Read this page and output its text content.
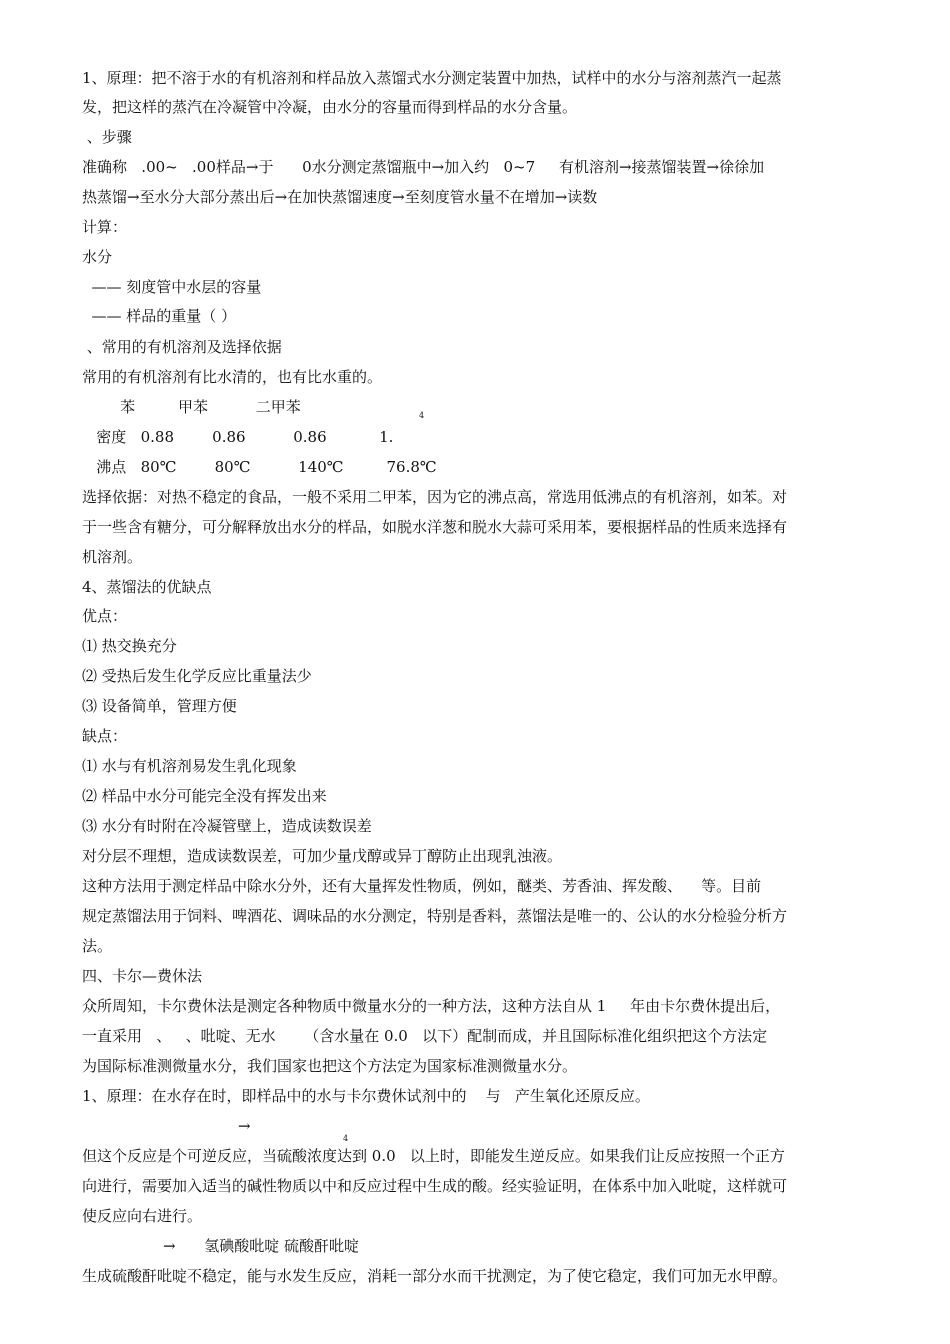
1、原理：把不溶于水的有机溶剂和样品放入蒸馏式水分测定装置中加热，试样中的水分与溶剂蒸汽一起蒸
发，把这样的蒸汽在冷凝管中冷凝，由水分的容量而得到样品的水分含量。
、步骤
准确称   .00~   .00样品→于      0水分测定蒸馏瓶中→加入约   0~7     有机溶剂→接蒸馏装置→徐徐加
热蒸馏→至水分大部分蒸出后→在加快蒸馏速度→至刻度管水量不在增加→读数
计算：
水分
—— 刻度管中水层的容量
—— 样品的重量（ ）
、常用的有机溶剂及选择依据
常用的有机溶剂有比水清的，也有比水重的。
苯         甲苯          二甲苯	4
密度   0.88        0.86          0.86           1.
沸点   80℃        80℃          140℃         76.8℃
选择依据：对热不稳定的食品，一般不采用二甲苯，因为它的沸点高，常选用低沸点的有机溶剂，如苯。对
于一些含有糖分，可分解释放出水分的样品，如脱水洋葱和脱水大蒜可采用苯，要根据样品的性质来选择有
机溶剂。
4、蒸馏法的优缺点
优点：
⑴ 热交换充分
⑵ 受热后发生化学反应比重量法少
⑶ 设备简单，管理方便
缺点：
⑴ 水与有机溶剂易发生乳化现象
⑵ 样品中水分可能完全没有挥发出来
⑶ 水分有时附在冷凝管壁上，造成读数误差
对分层不理想，造成读数误差，可加少量戊醇或异丁醇防止出现乳浊液。
这种方法用于测定样品中除水分外，还有大量挥发性物质，例如，醚类、芳香油、挥发酸、    等。目前
规定蒸馏法用于饲料、啤酒花、调味品的水分测定，特别是香料，蒸馏法是唯一的、公认的水分检验分析方
法。
四、卡尔—费休法
众所周知，卡尔费休法是测定各种物质中微量水分的一种方法，这种方法自从 1     年由卡尔费休提出后，
一直采用   、   、吡啶、无水      （含水量在 0.0   以下）配制而成，并且国际标准化组织把这个方法定
为国际标准测微量水分，我们国家也把这个方法定为国家标准测微量水分。
1、原理：在水存在时，即样品中的水与卡尔费休试剂中的    与   产生氧化还原反应。
→
4
但这个反应是个可逆反应，当硫酸浓度达到 0.0   以上时，即能发生逆反应。如果我们让反应按照一个正方
向进行，需要加入适当的碱性物质以中和反应过程中生成的酸。经实验证明，在体系中加入吡啶，这样就可
使反应向右进行。
→      氢碘酸吡啶 硫酸酐吡啶
生成硫酸酐吡啶不稳定，能与水发生反应，消耗一部分水而干扰测定，为了使它稳定，我们可加无水甲醇。
